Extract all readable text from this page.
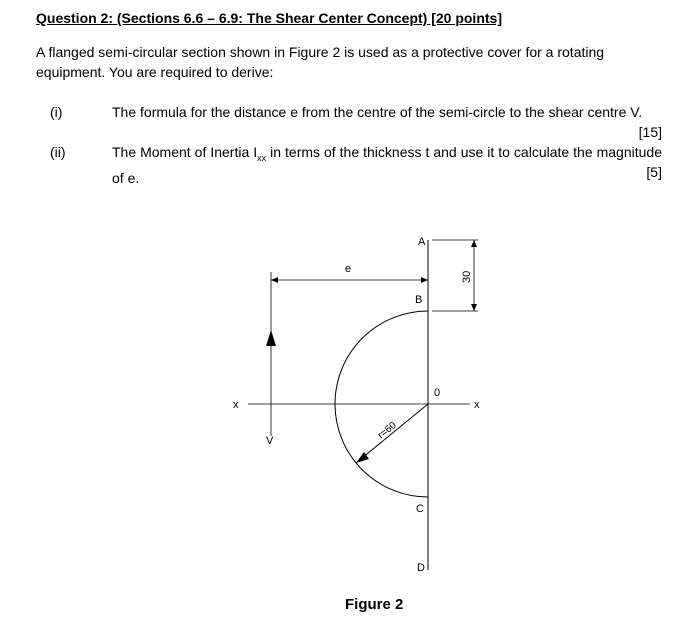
Question 2: (Sections 6.6 – 6.9: The Shear Center Concept) [20 points]
A flanged semi-circular section shown in Figure 2 is used as a protective cover for a rotating equipment. You are required to derive:
(i)	The formula for the distance e from the centre of the semi-circle to the shear centre V.
[15]
(ii)	The Moment of Inertia $I_{xx}$ in terms of the thickness t and use it to calculate the magnitude of e.	[5]
A
B
C
D
0
x	x
e
V
30
r=60
Figure 2
